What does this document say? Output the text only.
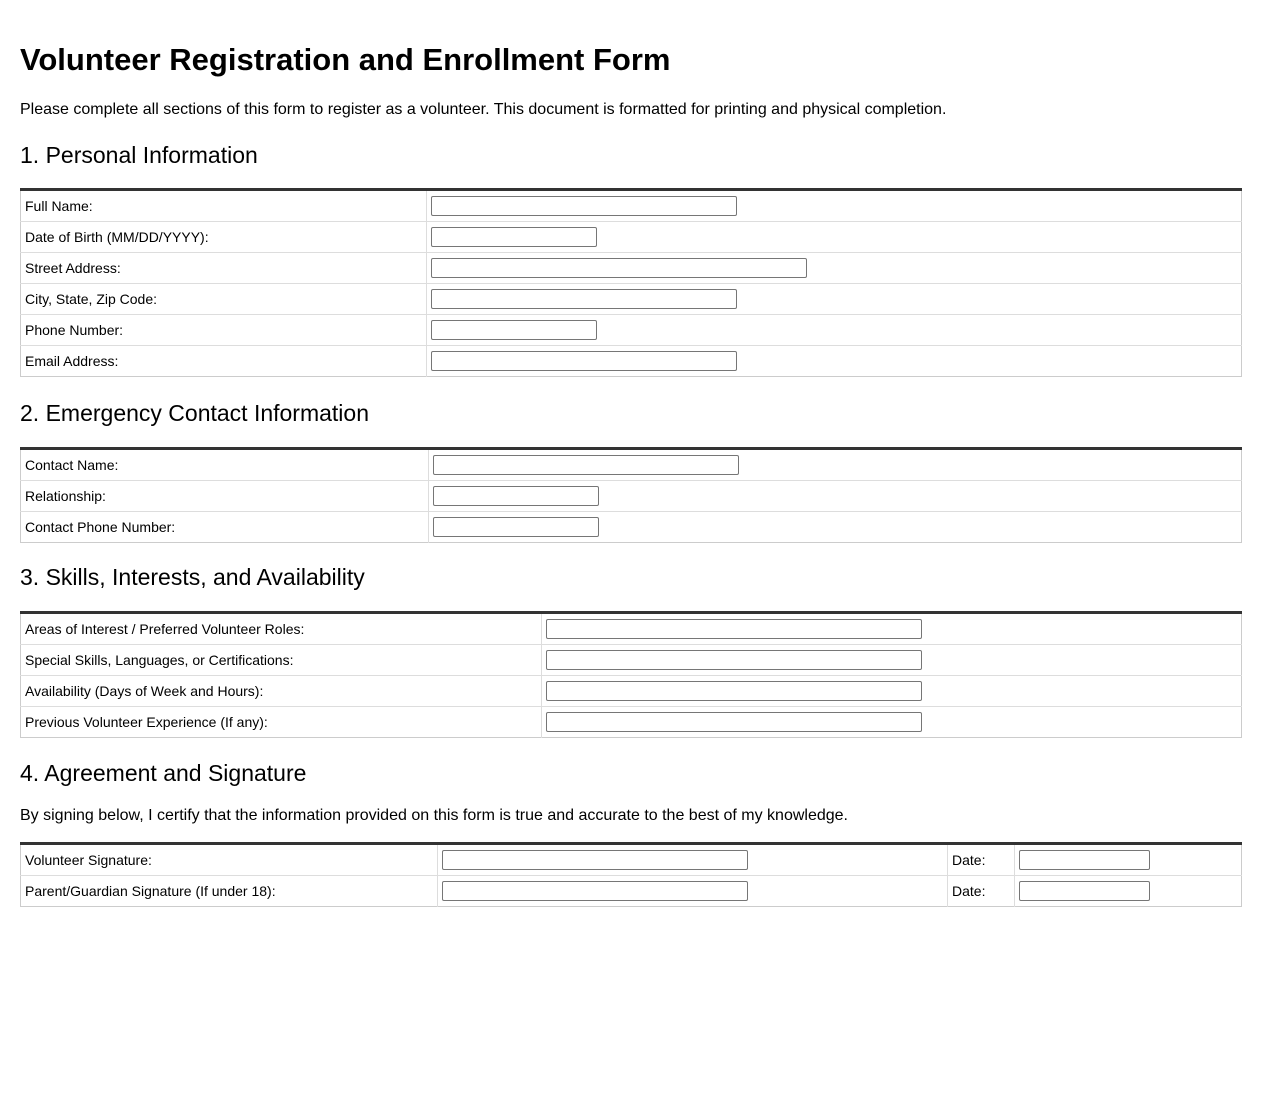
Volunteer Registration and Enrollment Form

Please complete all sections of this form to register as a volunteer. This document is formatted for printing and physical completion.

1. Personal Information
Full Name:	

Date of Birth (MM/DD/YYYY):	

Street Address:	

City, State, Zip Code:	

Phone Number:	

Email Address:	
2. Emergency Contact Information
Contact Name:	

Relationship:	

Contact Phone Number:	
3. Skills, Interests, and Availability
Areas of Interest / Preferred Volunteer Roles:	

Special Skills, Languages, or Certifications:	

Availability (Days of Week and Hours):	

Previous Volunteer Experience (If any):	
4. Agreement and Signature

By signing below, I certify that the information provided on this form is true and accurate to the best of my knowledge.

Volunteer Signature:		Date:	

Parent/Guardian Signature (If under 18):		Date:	
